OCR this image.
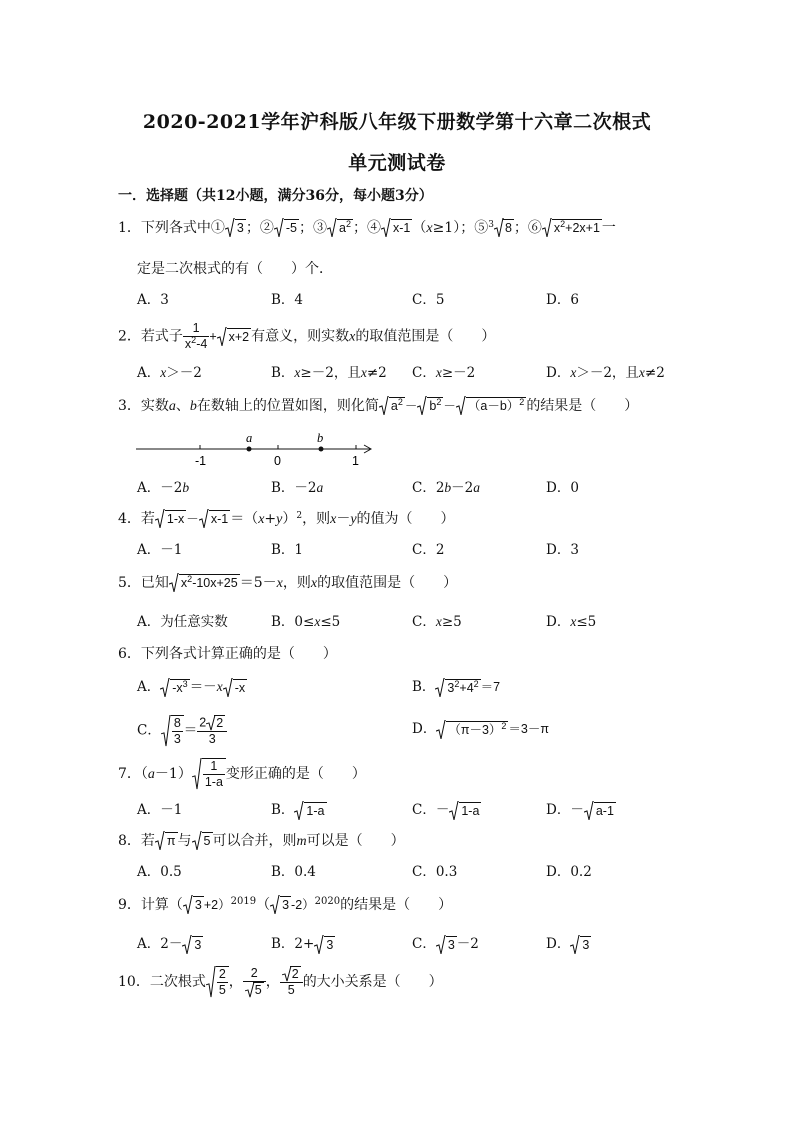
2020-2021学年沪科版八年级下册数学第十六章二次根式
单元测试卷
一．选择题（共12小题，满分36分，每小题3分）
1．下列各式中① 3 ；② -5 ；③ $a^2$ ；④ x-1 （x≥1）；⑤$^3$ 8 ；⑥ $x^2+2x+1$ 一
定是二次根式的有（　　）个．
A．3	B．4	C．5	D．6
2．若式子 $\frac{1}{x^2-4} + x+2$ 有意义，则实数x的取值范围是（　　）
A．x＞－2	B．x≥－2，且x≠2 C．x≥－2	D．x＞－2，且x≠2
3．实数a、b在数轴上的位置如图，则化简 $a^2 - b^2 - (a-b)^2$ 的结果是（　　）
-1	0	1
a	b
A．－2b	B．－2a	C．2b－2a	D．0
4．若 $1-x - x-1 =(x+y)^2$，则x－y的值为（　　）
A．－1	B．1	C．2	D．3
5．已知 $x^2-10x+25 =5-x$，则x的取值范围是（　　）
A．为任意实数	B．0≤x≤5	C．x≥5	D．x≤5
6．下列各式计算正确的是（　　）
A． $-x^3 =-x$ -x	B． $3^2+4^2 =7$
C． $\frac{8}{3} = \frac{2 2}{3}$	D． $(\pi-3)^2 =3-\pi$
7．$(a-1) \frac{1}{1-a}$ 变形正确的是（　　）
A．－1	B． 1-a	C．－ 1-a	D．－ a-1
8．若 π 与 5 可以合并，则m可以是（　　）
A．0.5	B．0.4	C．0.3	D．0.2
9．计算（ 3 +2）$^{2019}$（ 3 -2）$^{2020}$的结果是（　　）
A．2－ 3	B．2+ 3	C． 3 －2	D． 3
10．二次根式 $\frac{2}{5}$ ， $\frac{2}{5}$ ， $\frac{2}{5}$ 的大小关系是（　　）
